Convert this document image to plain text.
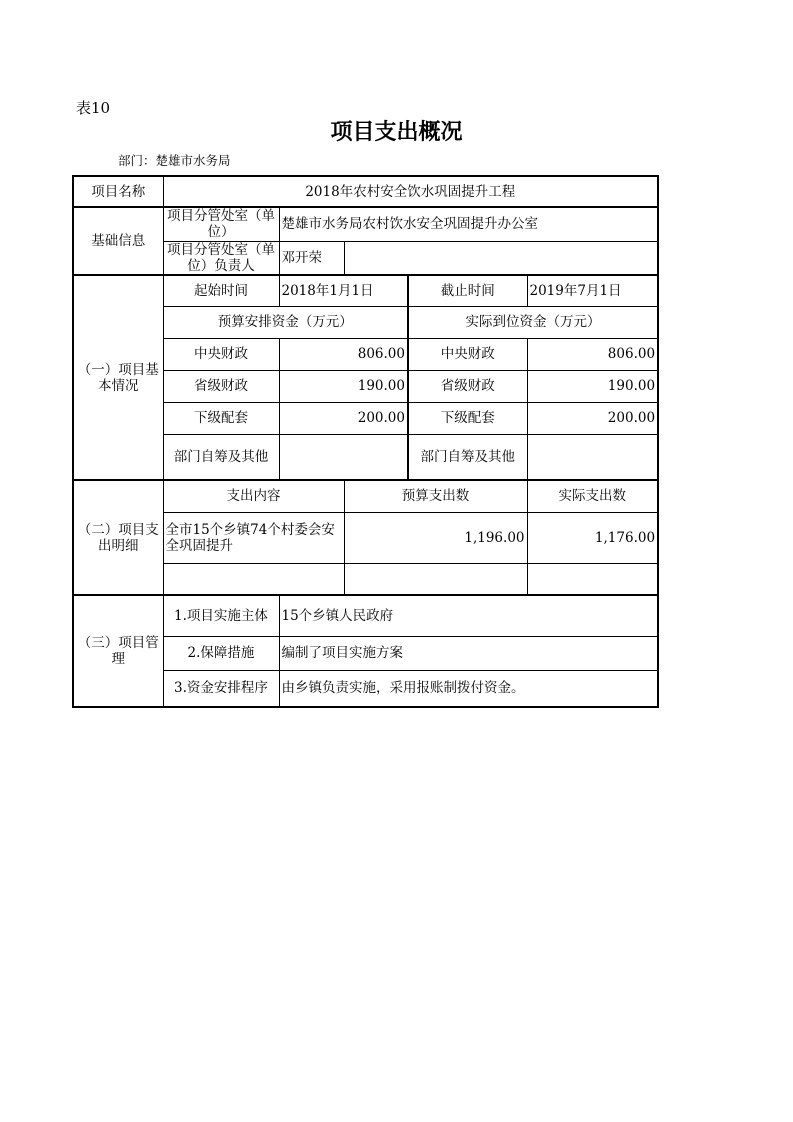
表10
项目支出概况
部门：楚雄市水务局
项目名称	2018年农村安全饮水巩固提升工程				
基础信息	项目分管处室（单位）	楚雄市水务局农村饮水安全巩固提升办公室			
	项目分管处室（单位）负责人	邓开荣			
（一）项目基本情况	起始时间	2018年1月1日		截止时间	2019年7月1日
	预算安排资金（万元）			实际到位资金（万元）	
	中央财政	806.00		中央财政	806.00
	省级财政	190.00		省级财政	190.00
	下级配套	200.00		下级配套	200.00
	部门自筹及其他			部门自筹及其他	
（二）项目支出明细	支出内容		预算支出数		实际支出数
	全市15个乡镇74个村委会安全巩固提升		1,196.00		1,176.00

（三）项目管理	1.项目实施主体	15个乡镇人民政府			
	2.保障措施	编制了项目实施方案			
	3.资金安排程序	由乡镇负责实施，采用报账制拨付资金。			
